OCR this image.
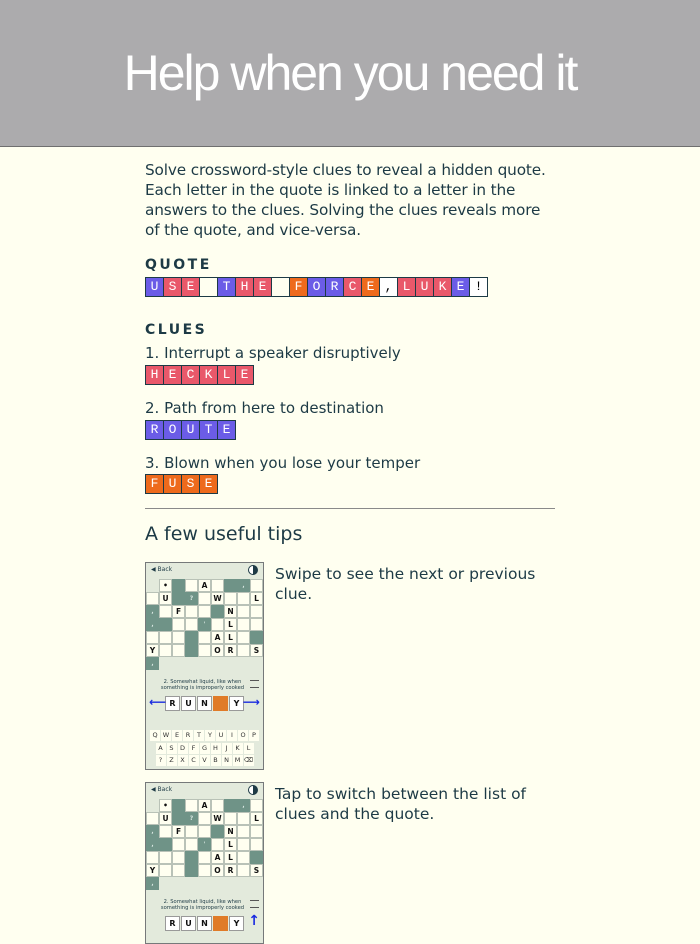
Help when you need it
Solve crossword-style clues to reveal a hidden quote. Each letter in the quote is linked to a letter in the answers to the clues. Solving the clues reveals more of the quote, and vice-versa.
QUOTE
U S E	T H E	F O R C E , L U K E !
CLUES
1. Interrupt a speaker disruptively
H E C K L E
2. Path from here to destination
R O U T E
3. Blown when you lose your temper
F U S E
A few useful tips
◀ Back
•	A	,
U	?	W	L
,	F	N
,	'	L
A	L
Y	O R	S
,
2. Somewhat liquid, like when something is improperly cooked
⟵ R	U	N	Y ⟶
Q W E	R	T	Y	U	I	O P
A	S D	F	G H	J	K	L
?	Z	X	C	V	B N M ⌫
Swipe to see the next or previous clue.
◀ Back
•	A	,
U	?	W	L
,	F	N
,	'	L
A	L
Y	O R	S
,
2. Somewhat liquid, like when something is improperly cooked
R	U	N	Y ↑
Tap to switch between the list of clues and the quote.
